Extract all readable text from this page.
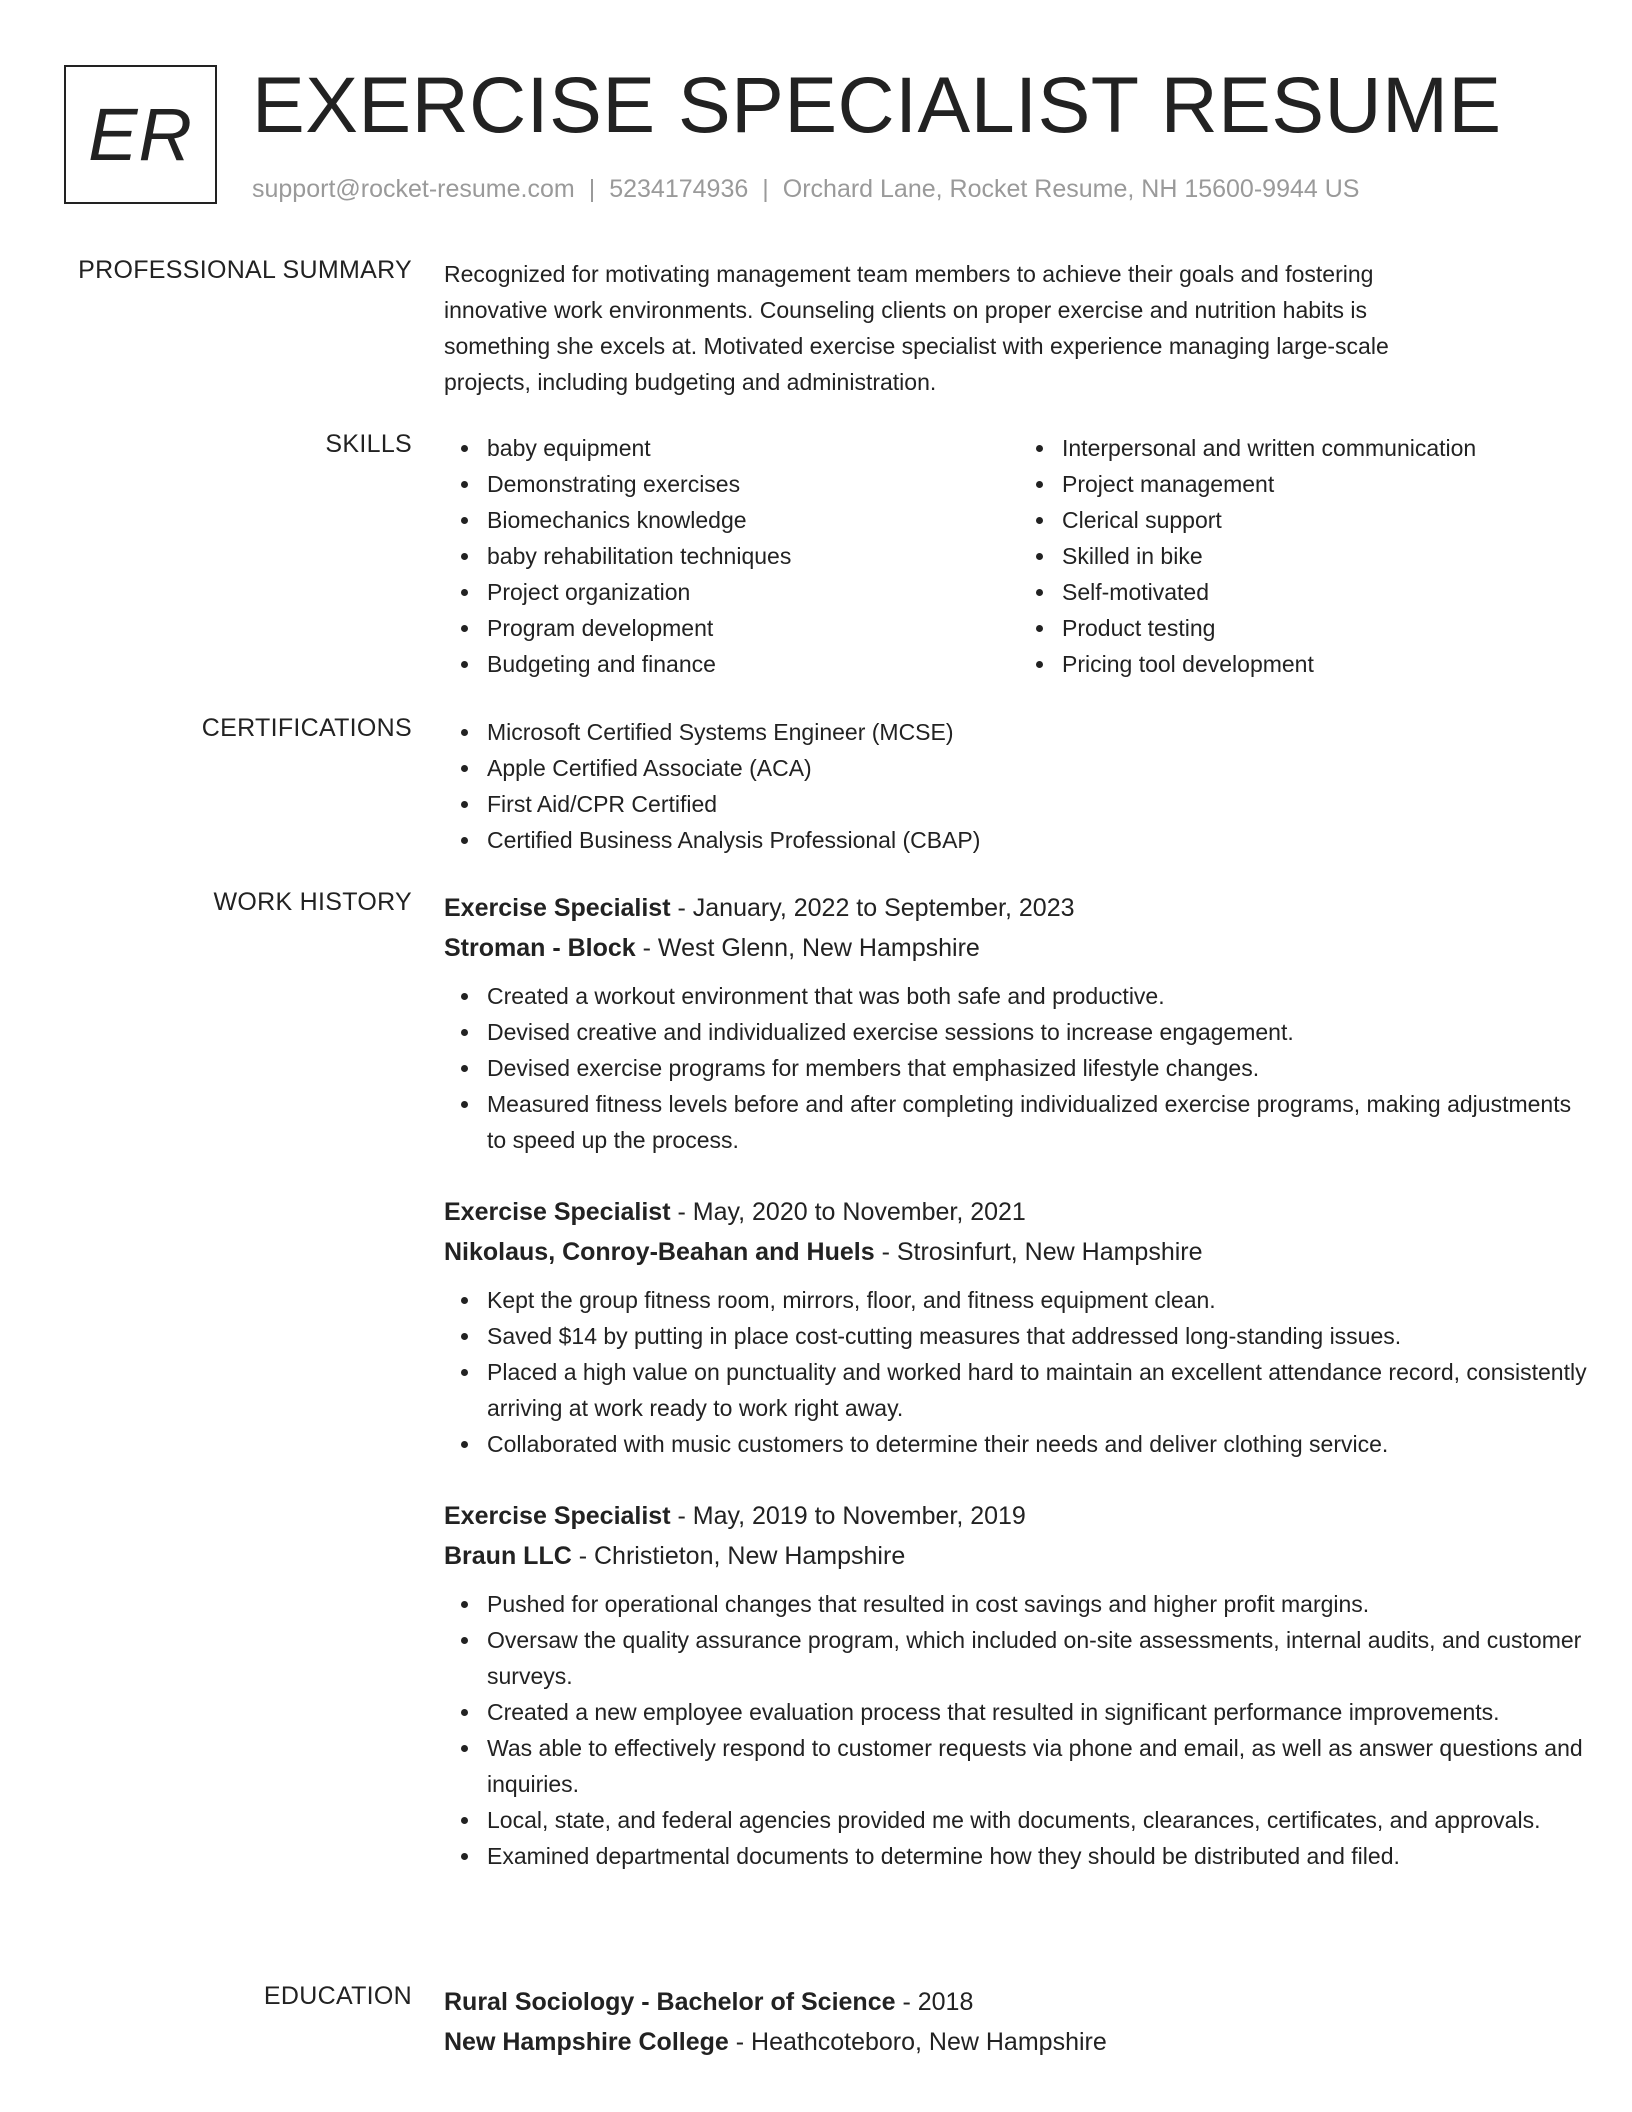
ER EXERCISE SPECIALIST RESUME
support@rocket-resume.com | 5234174936 | Orchard Lane, Rocket Resume, NH 15600-9944 US
PROFESSIONAL SUMMARY Recognized for motivating management team members to achieve their goals and fostering innovative work environments. Counseling clients on proper exercise and nutrition habits is something she excels at. Motivated exercise specialist with experience managing large-scale projects, including budgeting and administration.

SKILLS	baby equipment
Demonstrating exercises
Biomechanics knowledge
baby rehabilitation techniques
Project organization
Program development
Budgeting and finance
Interpersonal and written communication
Project management
Clerical support
Skilled in bike
Self-motivated
Product testing
Pricing tool development
CERTIFICATIONS	Microsoft Certified Systems Engineer (MCSE)
Apple Certified Associate (ACA)
First Aid/CPR Certified
Certified Business Analysis Professional (CBAP)
WORK HISTORY Exercise Specialist - January, 2022 to September, 2023
Stroman - Block - West Glenn, New Hampshire
Created a workout environment that was both safe and productive.
Devised creative and individualized exercise sessions to increase engagement.
Devised exercise programs for members that emphasized lifestyle changes.
Measured fitness levels before and after completing individualized exercise programs, making adjustments to speed up the process.
Exercise Specialist - May, 2020 to November, 2021
Nikolaus, Conroy-Beahan and Huels - Strosinfurt, New Hampshire
Kept the group fitness room, mirrors, floor, and fitness equipment clean.
Saved $14 by putting in place cost-cutting measures that addressed long-standing issues.
Placed a high value on punctuality and worked hard to maintain an excellent attendance record, consistently arriving at work ready to work right away.
Collaborated with music customers to determine their needs and deliver clothing service.
Exercise Specialist - May, 2019 to November, 2019
Braun LLC - Christieton, New Hampshire
Pushed for operational changes that resulted in cost savings and higher profit margins.
Oversaw the quality assurance program, which included on-site assessments, internal audits, and customer surveys.
Created a new employee evaluation process that resulted in significant performance improvements.
Was able to effectively respond to customer requests via phone and email, as well as answer questions and inquiries.
Local, state, and federal agencies provided me with documents, clearances, certificates, and approvals.
Examined departmental documents to determine how they should be distributed and filed.
EDUCATION Rural Sociology - Bachelor of Science - 2018
New Hampshire College - Heathcoteboro, New Hampshire
